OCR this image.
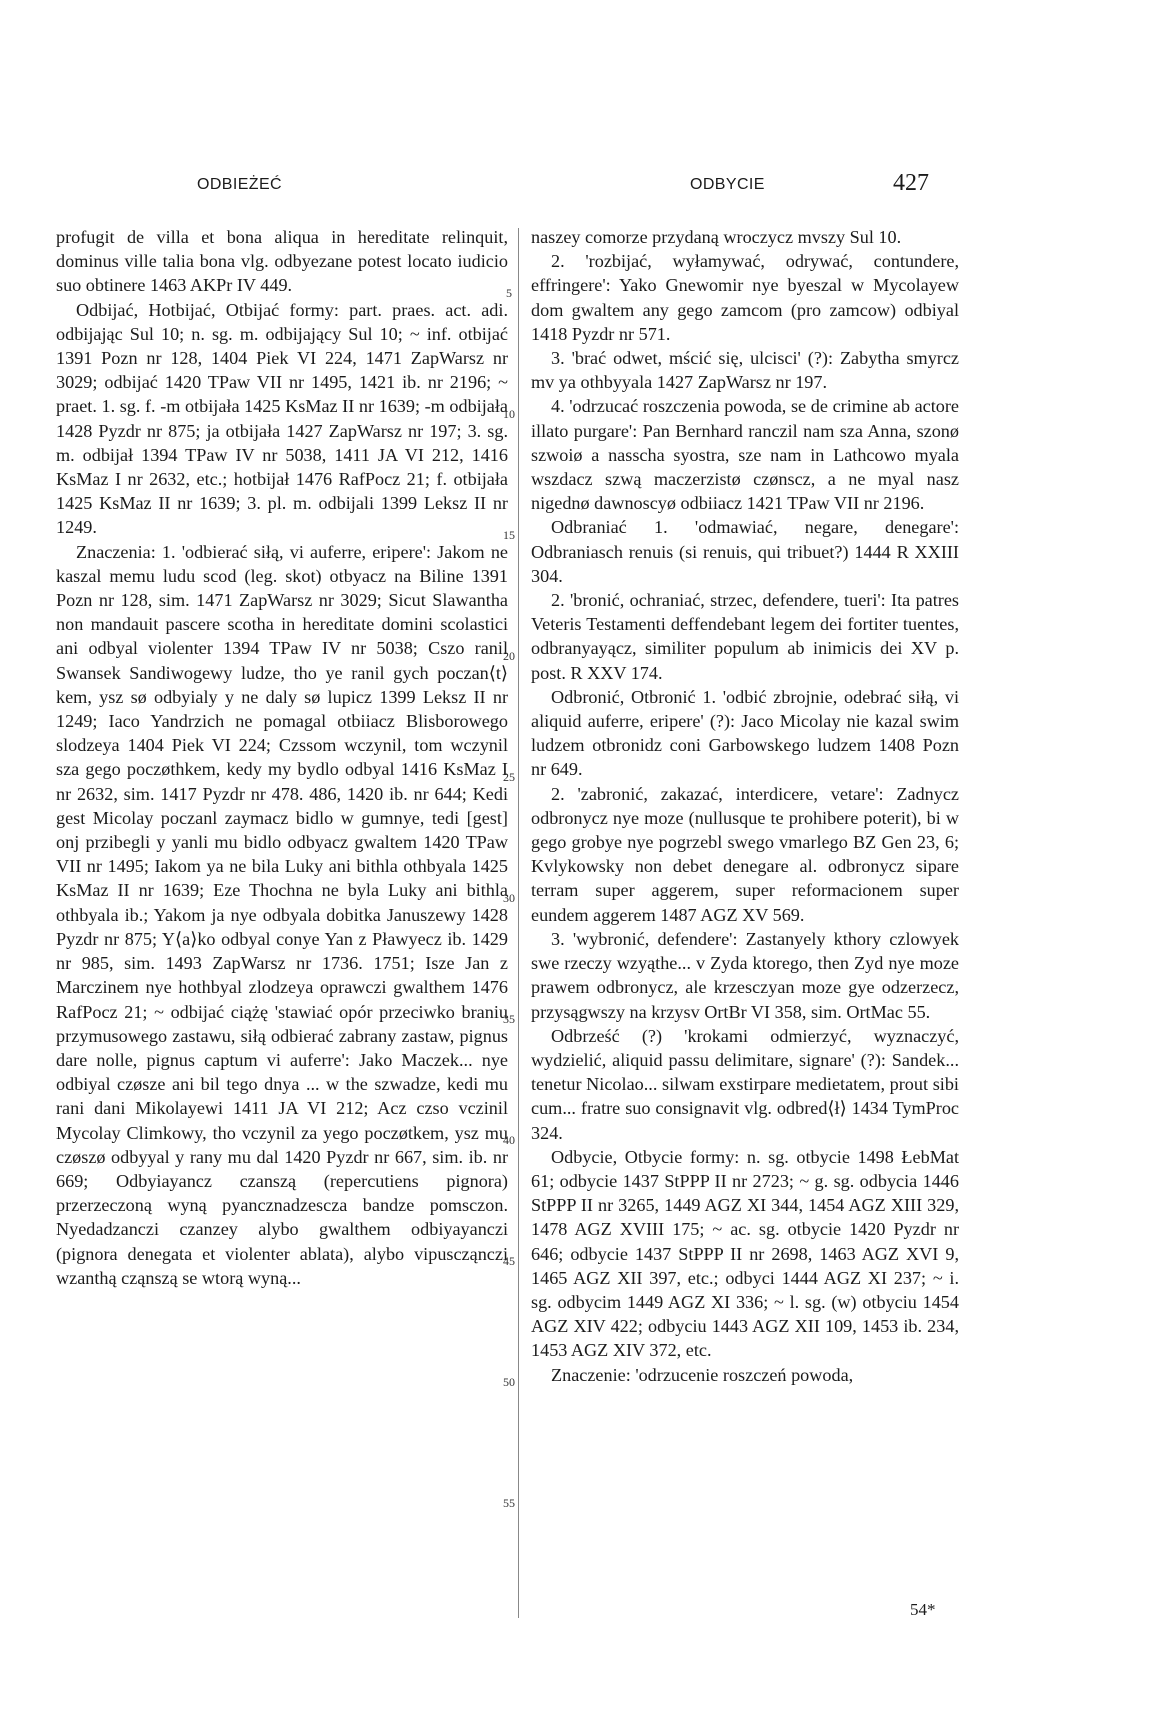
ODBIEŻEĆ	ODBYCIE	427

profugit de villa et bona aliqua in hereditate relinquit, dominus ville talia bona vlg. odbyezane potest locato iudicio suo obtinere 1463 AKPr IV 449.

Odbijać, Hotbijać, Otbijać formy: part. praes. act. adi. odbijając Sul 10; n. sg. m. odbijający Sul 10; ~ inf. otbijać 1391 Pozn nr 128, 1404 Piek VI 224, 1471 ZapWarsz nr 3029; odbijać 1420 TPaw VII nr 1495, 1421 ib. nr 2196; ~ praet. 1. sg. f. -m otbijała 1425 KsMaz II nr 1639; -m odbijała 1428 Pyzdr nr 875; ja otbijała 1427 ZapWarsz nr 197; 3. sg. m. odbijał 1394 TPaw IV nr 5038, 1411 JA VI 212, 1416 KsMaz I nr 2632, etc.; hotbijał 1476 RafPocz 21; f. otbijała 1425 KsMaz II nr 1639; 3. pl. m. odbijali 1399 Leksz II nr 1249.

Znaczenia: 1. 'odbierać siłą, vi auferre, eripere': Jakom ne kaszal memu ludu scod (leg. skot) otbyacz na Biline 1391 Pozn nr 128, sim. 1471 ZapWarsz nr 3029; Sicut Slawantha non mandauit pascere scotha in hereditate domini scolastici ani odbyal violenter 1394 TPaw IV nr 5038; Cszo ranil Swansek Sandiwogewy ludze, tho ye ranil gych poczan⟨t⟩kem, ysz sø odbyialy y ne daly sø lupicz 1399 Leksz II nr 1249; Iaco Yandrzich ne pomagal otbiiacz Blisborowego slodzeya 1404 Piek VI 224; Czssom wczynil, tom wczynil sza gego poczøthkem, kedy my bydlo odbyal 1416 KsMaz I nr 2632, sim. 1417 Pyzdr nr 478. 486, 1420 ib. nr 644; Kedi gest Micolay poczanl zaymacz bidlo w gumnye, tedi [gest] onj przibegli y yanli mu bidlo odbyacz gwaltem 1420 TPaw VII nr 1495; Iakom ya ne bila Luky ani bithla othbyala 1425 KsMaz II nr 1639; Eze Thochna ne byla Luky ani bithla othbyala ib.; Yakom ja nye odbyala dobitka Januszewy 1428 Pyzdr nr 875; Y⟨a⟩ko odbyal conye Yan z Pławyecz ib. 1429 nr 985, sim. 1493 ZapWarsz nr 1736. 1751; Isze Jan z Marczinem nye hothbyal zlodzeya oprawczi gwalthem 1476 RafPocz 21; ~ odbijać ciążę 'stawiać opór przeciwko braniu przymusowego zastawu, siłą odbierać zabrany zastaw, pignus dare nolle, pignus captum vi auferre': Jako Maczek... nye odbiyal czøsze ani bil tego dnya ... w the szwadze, kedi mu rani dani Mikolayewi 1411 JA VI 212; Acz czso vczinil Mycolay Climkowy, tho vczynil za yego poczøtkem, ysz mu czøszø odbyyal y rany mu dal 1420 Pyzdr nr 667, sim. ib. nr 669; Odbyiayancz czanszą (repercutiens pignora) przerzeczoną wyną pyancznadzescza bandze pomsczon. Nyedadzanczi czanzey alybo gwalthem odbiyayanczi (pignora denegata et violenter ablata), alybo vipuscząnczi wzanthą cząnszą se wtorą wyną...

5
10
15
20
25
30
35
40
45
50
55

naszey comorze przydaną wroczycz mvszy Sul 10.

2. 'rozbijać, wyłamywać, odrywać, contundere, effringere': Yako Gnewomir nye byeszal w Mycolayew dom gwaltem any gego zamcom (pro zamcow) odbiyal 1418 Pyzdr nr 571.

3. 'brać odwet, mścić się, ulcisci' (?): Zabytha smyrcz mv ya othbyyala 1427 ZapWarsz nr 197.

4. 'odrzucać roszczenia powoda, se de crimine ab actore illato purgare': Pan Bernhard ranczil nam sza Anna, szonø szwoiø a nasscha syostra, sze nam in Lathcowo myala wszdacz szwą maczerzistø czønscz, a ne myal nasz nigednø dawnoscyø odbiiacz 1421 TPaw VII nr 2196.

Odbraniać 1. 'odmawiać, negare, denegare': Odbraniasch renuis (si renuis, qui tribuet?) 1444 R XXIII 304.

2. 'bronić, ochraniać, strzec, defendere, tueri': Ita patres Veteris Testamenti deffendebant legem dei fortiter tuentes, odbranyayącz, similiter populum ab inimicis dei XV p. post. R XXV 174.

Odbronić, Otbronić 1. 'odbić zbrojnie, odebrać siłą, vi aliquid auferre, eripere' (?): Jaco Micolay nie kazal swim ludzem otbronidz coni Garbowskego ludzem 1408 Pozn nr 649.

2. 'zabronić, zakazać, interdicere, vetare': Zadnycz odbronycz nye moze (nullusque te prohibere poterit), bi w gego grobye nye pogrzebl swego vmarlego BZ Gen 23, 6; Kvlykowsky non debet denegare al. odbronycz sipare terram super aggerem, super reformacionem super eundem aggerem 1487 AGZ XV 569.

3. 'wybronić, defendere': Zastanyely kthory czlowyek swe rzeczy wzyąthe... v Zyda ktorego, then Zyd nye moze prawem odbronycz, ale krzesczyan moze gye odzerzecz, przysągwszy na krzysv OrtBr VI 358, sim. OrtMac 55.

Odbrześć (?) 'krokami odmierzyć, wyznaczyć, wydzielić, aliquid passu delimitare, signare' (?): Sandek... tenetur Nicolao... silwam exstirpare medietatem, prout sibi cum... fratre suo consignavit vlg. odbred⟨ł⟩ 1434 TymProc 324.

Odbycie, Otbycie formy: n. sg. otbycie 1498 ŁebMat 61; odbycie 1437 StPPP II nr 2723; ~ g. sg. odbycia 1446 StPPP II nr 3265, 1449 AGZ XI 344, 1454 AGZ XIII 329, 1478 AGZ XVIII 175; ~ ac. sg. otbycie 1420 Pyzdr nr 646; odbycie 1437 StPPP II nr 2698, 1463 AGZ XVI 9, 1465 AGZ XII 397, etc.; odbyci 1444 AGZ XI 237; ~ i. sg. odbycim 1449 AGZ XI 336; ~ l. sg. (w) otbyciu 1454 AGZ XIV 422; odbyciu 1443 AGZ XII 109, 1453 ib. 234, 1453 AGZ XIV 372, etc.

Znaczenie: 'odrzucenie roszczeń powoda,

54*
